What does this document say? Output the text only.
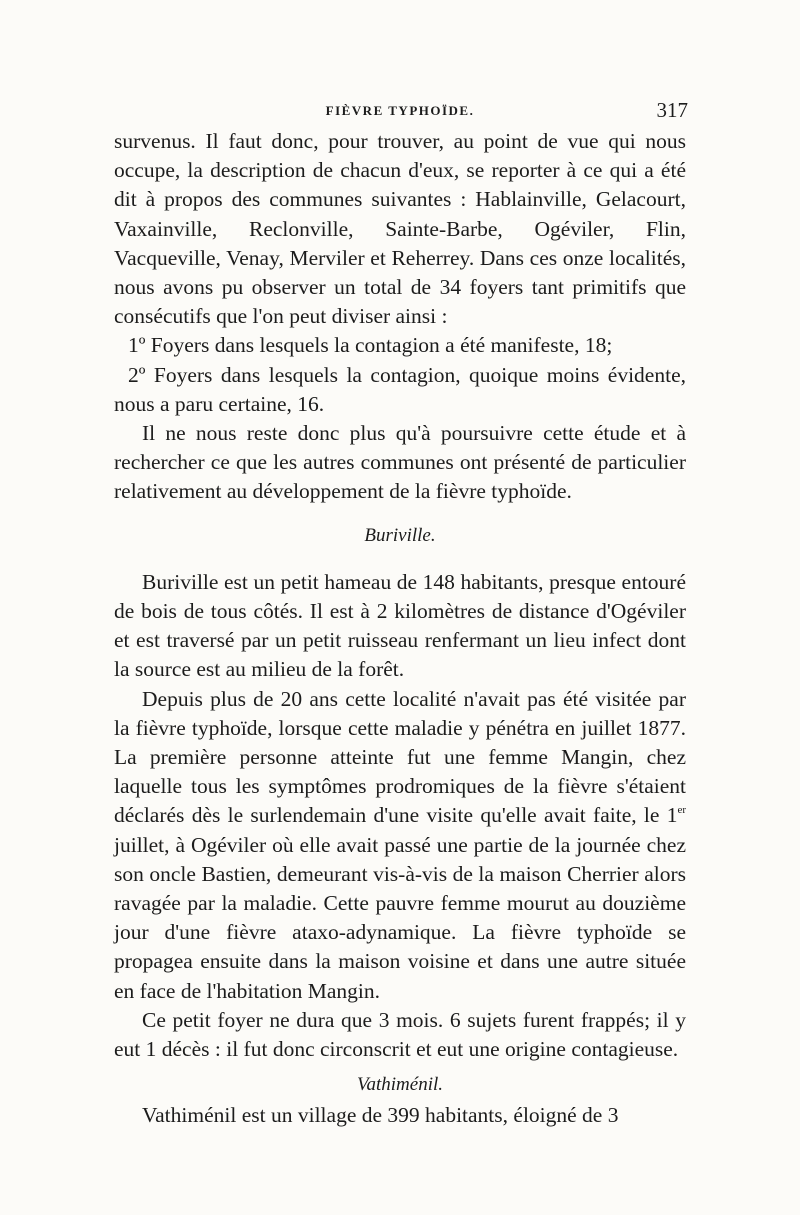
FIÈVRE TYPHOÏDE.	317

survenus. Il faut donc, pour trouver, au point de vue qui nous occupe, la description de chacun d'eux, se reporter à ce qui a été dit à propos des communes suivantes : Hablainville, Gelacourt, Vaxainville, Reclonville, Sainte-Barbe, Ogéviler, Flin, Vacqueville, Venay, Merviler et Reherrey. Dans ces onze localités, nous avons pu observer un total de 34 foyers tant primitifs que consécutifs que l'on peut diviser ainsi :

1º Foyers dans lesquels la contagion a été manifeste, 18;

2º Foyers dans lesquels la contagion, quoique moins évidente, nous a paru certaine, 16.

Il ne nous reste donc plus qu'à poursuivre cette étude et à rechercher ce que les autres communes ont présenté de particulier relativement au développement de la fièvre typhoïde.

Buriville.

Buriville est un petit hameau de 148 habitants, presque entouré de bois de tous côtés. Il est à 2 kilomètres de distance d'Ogéviler et est traversé par un petit ruisseau renfermant un lieu infect dont la source est au milieu de la forêt.

Depuis plus de 20 ans cette localité n'avait pas été visitée par la fièvre typhoïde, lorsque cette maladie y pénétra en juillet 1877. La première personne atteinte fut une femme Mangin, chez laquelle tous les symptômes prodromiques de la fièvre s'étaient déclarés dès le surlendemain d'une visite qu'elle avait faite, le 1er juillet, à Ogéviler où elle avait passé une partie de la journée chez son oncle Bastien, demeurant vis-à-vis de la maison Cherrier alors ravagée par la maladie. Cette pauvre femme mourut au douzième jour d'une fièvre ataxo-adynamique. La fièvre typhoïde se propagea ensuite dans la maison voisine et dans une autre située en face de l'habitation Mangin.

Ce petit foyer ne dura que 3 mois. 6 sujets furent frappés; il y eut 1 décès : il fut donc circonscrit et eut une origine contagieuse.

Vathiménil.

Vathiménil est un village de 399 habitants, éloigné de 3
